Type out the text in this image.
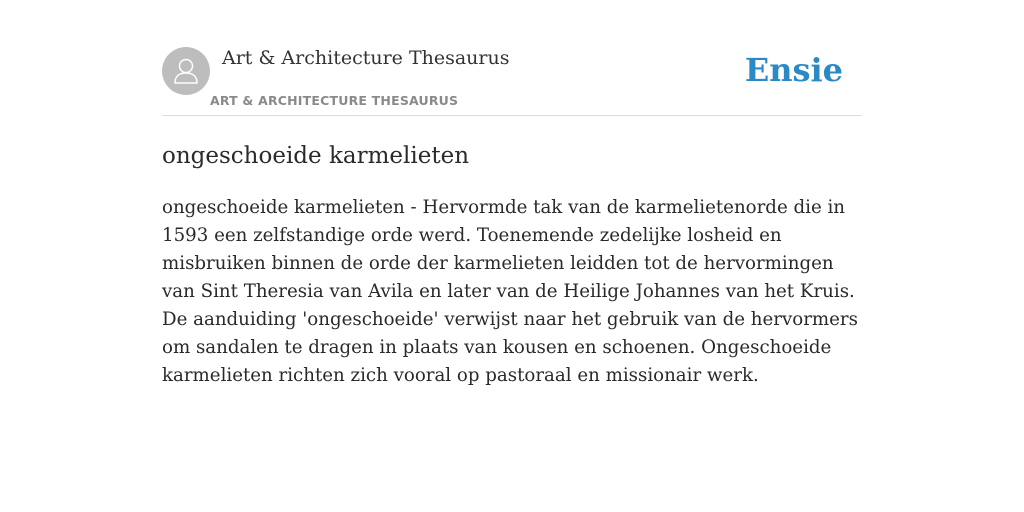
Art & Architecture Thesaurus
ART & ARCHITECTURE THESAURUS
Ensie
ongeschoeide karmelieten

ongeschoeide karmelieten - Hervormde tak van de karmelietenorde die in 1593 een zelfstandige orde werd. Toenemende zedelijke losheid en misbruiken binnen de orde der karmelieten leidden tot de hervormingen van Sint Theresia van Avila en later van de Heilige Johannes van het Kruis. De aanduiding 'ongeschoeide' verwijst naar het gebruik van de hervormers om sandalen te dragen in plaats van kousen en schoenen. Ongeschoeide karmelieten richten zich vooral op pastoraal en missionair werk.
